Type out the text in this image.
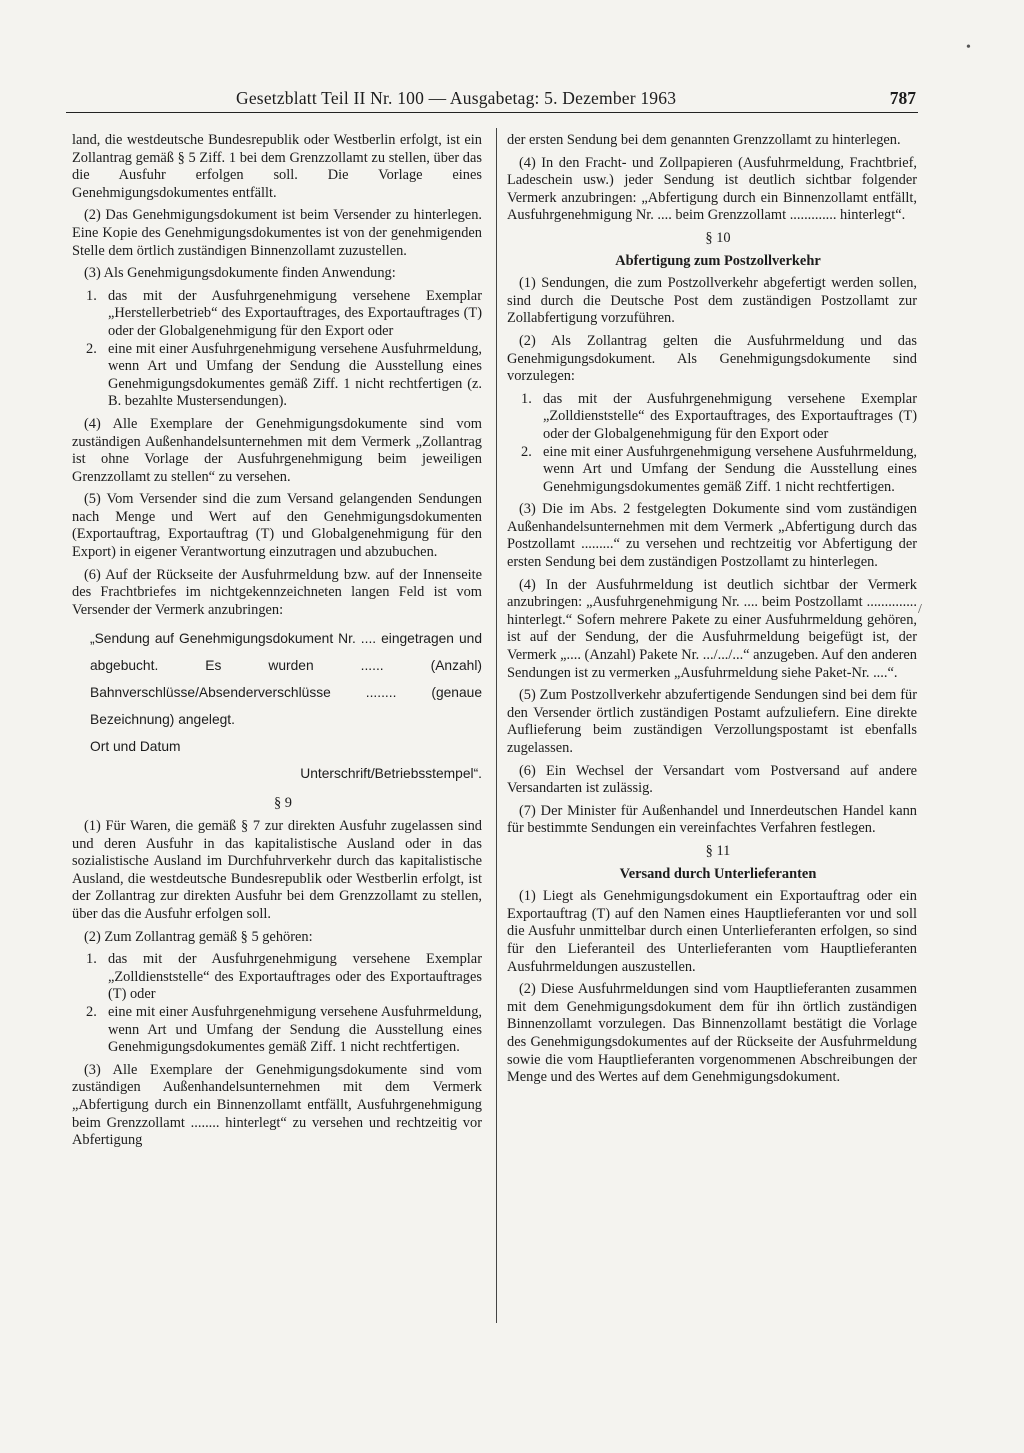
Gesetzblatt Teil II Nr. 100 — Ausgabetag: 5. Dezember 1963	787
•
/

land, die westdeutsche Bundesrepublik oder Westberlin erfolgt, ist ein Zollantrag gemäß § 5 Ziff. 1 bei dem Grenzzollamt zu stellen, über das die Ausfuhr erfolgen soll. Die Vorlage eines Genehmigungsdokumentes entfällt.

(2) Das Genehmigungsdokument ist beim Versender zu hinterlegen. Eine Kopie des Genehmigungsdokumentes ist von der genehmigenden Stelle dem örtlich zuständigen Binnenzollamt zuzustellen.

(3) Als Genehmigungsdokumente finden Anwendung:

1. das mit der Ausfuhrgenehmigung versehene Exemplar „Herstellerbetrieb“ des Exportauftrages, des Exportauftrages (T) oder der Globalgenehmigung für den Export oder
2. eine mit einer Ausfuhrgenehmigung versehene Ausfuhrmeldung, wenn Art und Umfang der Sendung die Ausstellung eines Genehmigungsdokumentes gemäß Ziff. 1 nicht rechtfertigen (z. B. bezahlte Mustersendungen).

(4) Alle Exemplare der Genehmigungsdokumente sind vom zuständigen Außenhandelsunternehmen mit dem Vermerk „Zollantrag ist ohne Vorlage der Ausfuhrgenehmigung beim jeweiligen Grenzzollamt zu stellen“ zu versehen.

(5) Vom Versender sind die zum Versand gelangenden Sendungen nach Menge und Wert auf den Genehmigungsdokumenten (Exportauftrag, Exportauftrag (T) und Globalgenehmigung für den Export) in eigener Verantwortung einzutragen und abzubuchen.

(6) Auf der Rückseite der Ausfuhrmeldung bzw. auf der Innenseite des Frachtbriefes im nichtgekennzeichneten langen Feld ist vom Versender der Vermerk anzubringen:

„Sendung auf Genehmigungsdokument Nr. .... eingetragen und abgebucht. Es wurden ...... (Anzahl) Bahnverschlüsse/Absenderverschlüsse ........ (genaue Bezeichnung) angelegt.
Ort und Datum
Unterschrift/Betriebsstempel“.

§ 9

(1) Für Waren, die gemäß § 7 zur direkten Ausfuhr zugelassen sind und deren Ausfuhr in das kapitalistische Ausland oder in das sozialistische Ausland im Durchfuhrverkehr durch das kapitalistische Ausland, die westdeutsche Bundesrepublik oder Westberlin erfolgt, ist der Zollantrag zur direkten Ausfuhr bei dem Grenzzollamt zu stellen, über das die Ausfuhr erfolgen soll.

(2) Zum Zollantrag gemäß § 5 gehören:

1. das mit der Ausfuhrgenehmigung versehene Exemplar „Zolldienststelle“ des Exportauftrages oder des Exportauftrages (T) oder
2. eine mit einer Ausfuhrgenehmigung versehene Ausfuhrmeldung, wenn Art und Umfang der Sendung die Ausstellung eines Genehmigungsdokumentes gemäß Ziff. 1 nicht rechtfertigen.

(3) Alle Exemplare der Genehmigungsdokumente sind vom zuständigen Außenhandelsunternehmen mit dem Vermerk „Abfertigung durch ein Binnenzollamt entfällt, Ausfuhrgenehmigung beim Grenzzollamt ........ hinterlegt“ zu versehen und rechtzeitig vor Abfertigung

der ersten Sendung bei dem genannten Grenzzollamt zu hinterlegen.

(4) In den Fracht- und Zollpapieren (Ausfuhrmeldung, Frachtbrief, Ladeschein usw.) jeder Sendung ist deutlich sichtbar folgender Vermerk anzubringen: „Abfertigung durch ein Binnenzollamt entfällt, Ausfuhrgenehmigung Nr. .... beim Grenzzollamt ............. hinterlegt“.

§ 10

Abfertigung zum Postzollverkehr

(1) Sendungen, die zum Postzollverkehr abgefertigt werden sollen, sind durch die Deutsche Post dem zuständigen Postzollamt zur Zollabfertigung vorzuführen.

(2) Als Zollantrag gelten die Ausfuhrmeldung und das Genehmigungsdokument. Als Genehmigungsdokumente sind vorzulegen:

1. das mit der Ausfuhrgenehmigung versehene Exemplar „Zolldienststelle“ des Exportauftrages, des Exportauftrages (T) oder der Globalgenehmigung für den Export oder
2. eine mit einer Ausfuhrgenehmigung versehene Ausfuhrmeldung, wenn Art und Umfang der Sendung die Ausstellung eines Genehmigungsdokumentes gemäß Ziff. 1 nicht rechtfertigen.

(3) Die im Abs. 2 festgelegten Dokumente sind vom zuständigen Außenhandelsunternehmen mit dem Vermerk „Abfertigung durch das Postzollamt .........“ zu versehen und rechtzeitig vor Abfertigung der ersten Sendung bei dem zuständigen Postzollamt zu hinterlegen.

(4) In der Ausfuhrmeldung ist deutlich sichtbar der Vermerk anzubringen: „Ausfuhrgenehmigung Nr. .... beim Postzollamt .............. hinterlegt.“ Sofern mehrere Pakete zu einer Ausfuhrmeldung gehören, ist auf der Sendung, der die Ausfuhrmeldung beigefügt ist, der Vermerk „.... (Anzahl) Pakete Nr. .../.../...“ anzugeben. Auf den anderen Sendungen ist zu vermerken „Ausfuhrmeldung siehe Paket-Nr. ....“.

(5) Zum Postzollverkehr abzufertigende Sendungen sind bei dem für den Versender örtlich zuständigen Postamt aufzuliefern. Eine direkte Auflieferung beim zuständigen Verzollungspostamt ist ebenfalls zugelassen.

(6) Ein Wechsel der Versandart vom Postversand auf andere Versandarten ist zulässig.

(7) Der Minister für Außenhandel und Innerdeutschen Handel kann für bestimmte Sendungen ein vereinfachtes Verfahren festlegen.

§ 11

Versand durch Unterlieferanten

(1) Liegt als Genehmigungsdokument ein Exportauftrag oder ein Exportauftrag (T) auf den Namen eines Hauptlieferanten vor und soll die Ausfuhr unmittelbar durch einen Unterlieferanten erfolgen, so sind für den Lieferanteil des Unterlieferanten vom Hauptlieferanten Ausfuhrmeldungen auszustellen.

(2) Diese Ausfuhrmeldungen sind vom Hauptlieferanten zusammen mit dem Genehmigungsdokument dem für ihn örtlich zuständigen Binnenzollamt vorzulegen. Das Binnenzollamt bestätigt die Vorlage des Genehmigungsdokumentes auf der Rückseite der Ausfuhrmeldung sowie die vom Hauptlieferanten vorgenommenen Abschreibungen der Menge und des Wertes auf dem Genehmigungsdokument.
